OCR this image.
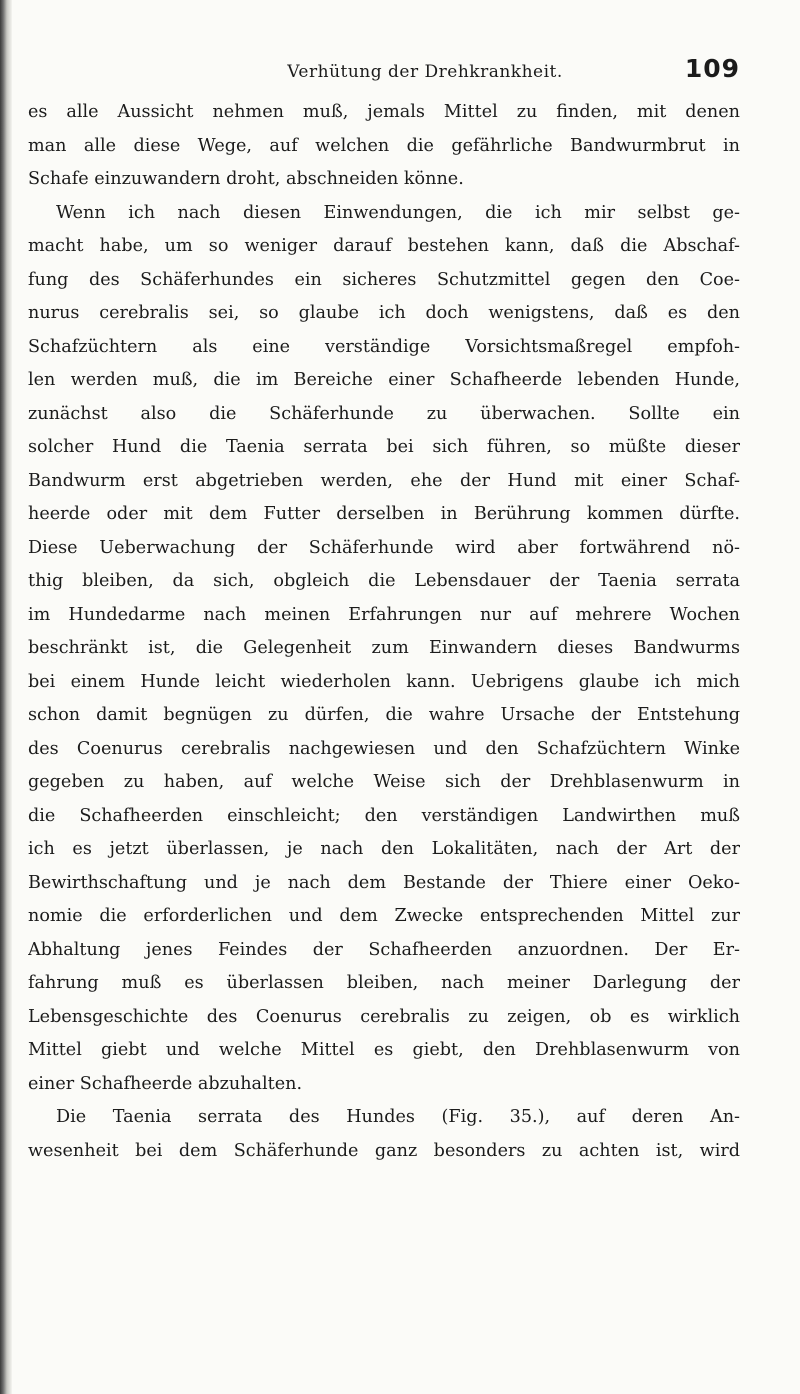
Verhütung der Drehkrankheit.	109
es alle Aussicht nehmen muß, jemals Mittel zu finden, mit denen
man alle diese Wege, auf welchen die gefährliche Bandwurmbrut in
Schafe einzuwandern droht, abschneiden könne.
Wenn ich nach diesen Einwendungen, die ich mir selbst ge-
macht habe, um so weniger darauf bestehen kann, daß die Abschaf-
fung des Schäferhundes ein sicheres Schutzmittel gegen den Coe-
nurus cerebralis sei, so glaube ich doch wenigstens, daß es den
Schafzüchtern als eine verständige Vorsichtsmaßregel empfoh-
len werden muß, die im Bereiche einer Schafheerde lebenden Hunde,
zunächst also die Schäferhunde zu überwachen. Sollte ein
solcher Hund die Taenia serrata bei sich führen, so müßte dieser
Bandwurm erst abgetrieben werden, ehe der Hund mit einer Schaf-
heerde oder mit dem Futter derselben in Berührung kommen dürfte.
Diese Ueberwachung der Schäferhunde wird aber fortwährend nö-
thig bleiben, da sich, obgleich die Lebensdauer der Taenia serrata
im Hundedarme nach meinen Erfahrungen nur auf mehrere Wochen
beschränkt ist, die Gelegenheit zum Einwandern dieses Bandwurms
bei einem Hunde leicht wiederholen kann. Uebrigens glaube ich mich
schon damit begnügen zu dürfen, die wahre Ursache der Entstehung
des Coenurus cerebralis nachgewiesen und den Schafzüchtern Winke
gegeben zu haben, auf welche Weise sich der Drehblasenwurm in
die Schafheerden einschleicht; den verständigen Landwirthen muß
ich es jetzt überlassen, je nach den Lokalitäten, nach der Art der
Bewirthschaftung und je nach dem Bestande der Thiere einer Oeko-
nomie die erforderlichen und dem Zwecke entsprechenden Mittel zur
Abhaltung jenes Feindes der Schafheerden anzuordnen. Der Er-
fahrung muß es überlassen bleiben, nach meiner Darlegung der
Lebensgeschichte des Coenurus cerebralis zu zeigen, ob es wirklich
Mittel giebt und welche Mittel es giebt, den Drehblasenwurm von
einer Schafheerde abzuhalten.
Die Taenia serrata des Hundes (Fig. 35.), auf deren An-
wesenheit bei dem Schäferhunde ganz besonders zu achten ist, wird
